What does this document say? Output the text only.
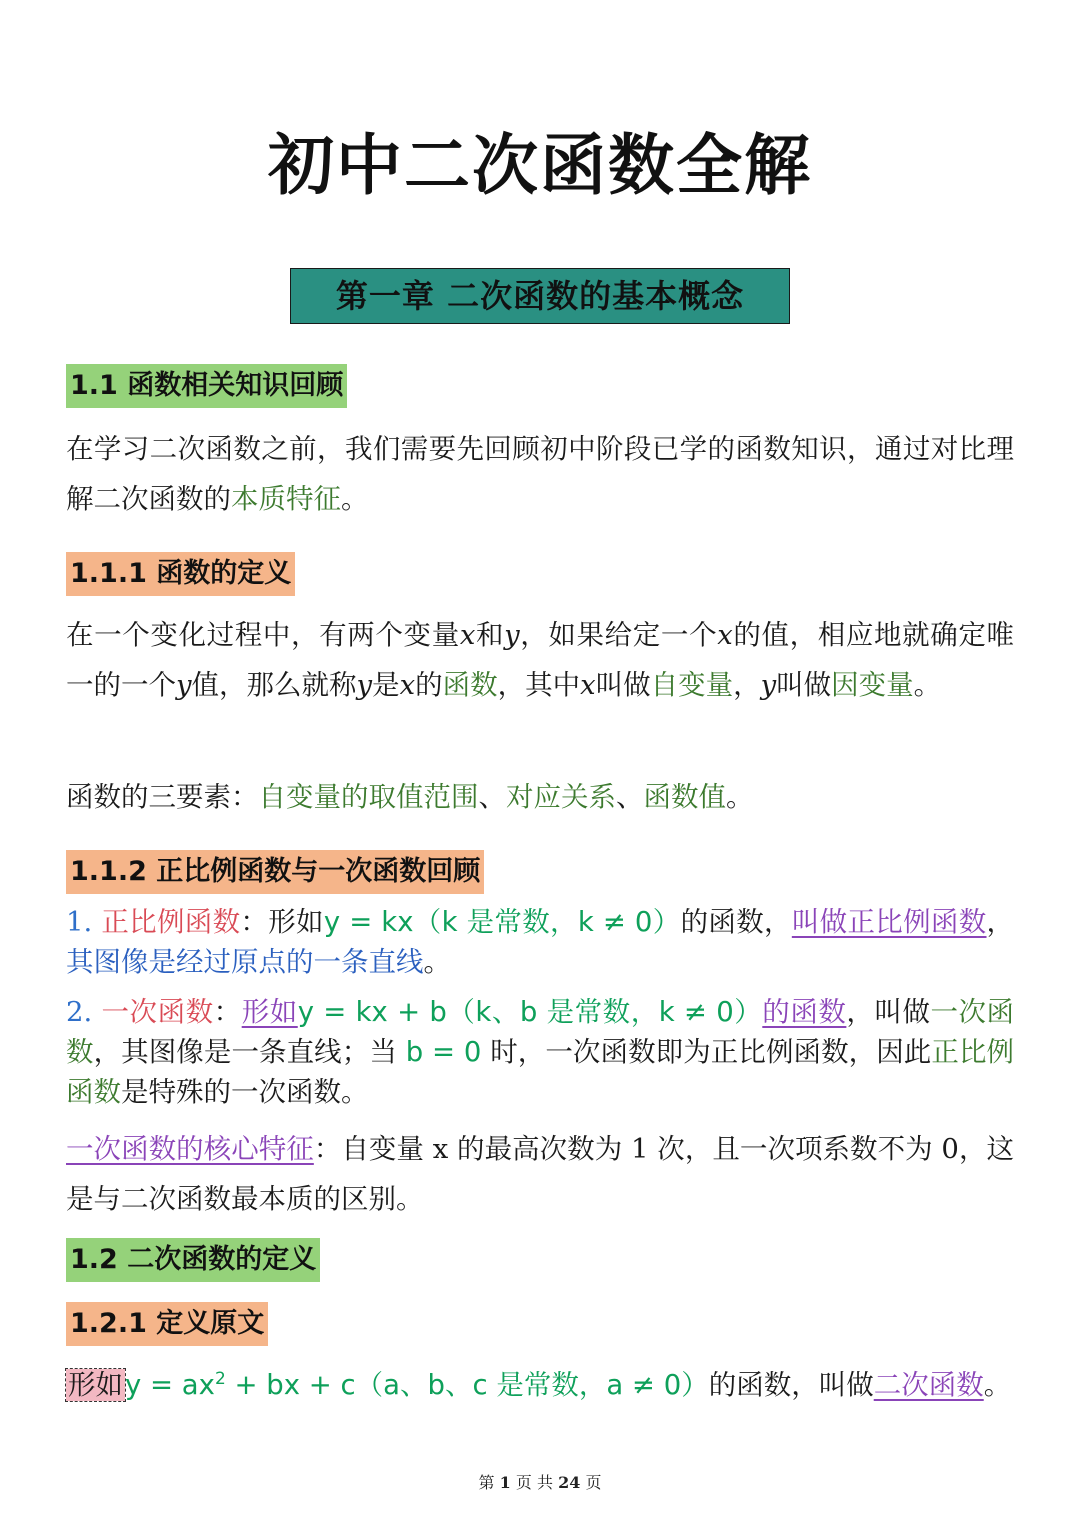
初中二次函数全解
第一章 二次函数的基本概念
1.1 函数相关知识回顾
在学习二次函数之前，我们需要先回顾初中阶段已学的函数知识，通过对比理解二次函数的本质特征。
1.1.1 函数的定义
在一个变化过程中，有两个变量x和y，如果给定一个x的值，相应地就确定唯一的一个y值，那么就称y是x的函数，其中x叫做自变量，y叫做因变量。
函数的三要素：自变量的取值范围、对应关系、函数值。
1.1.2 正比例函数与一次函数回顾
1. 正比例函数：形如y = kx（k 是常数，k ≠ 0）的函数，叫做正比例函数，其图像是经过原点的一条直线。
2. 一次函数：形如y = kx + b（k、b 是常数，k ≠ 0）的函数，叫做一次函数，其图像是一条直线；当 b = 0 时，一次函数即为正比例函数，因此正比例函数是特殊的一次函数。
一次函数的核心特征：自变量 x 的最高次数为 1 次，且一次项系数不为 0，这是与二次函数最本质的区别。
1.2 二次函数的定义
1.2.1 定义原文
形如$y = ax^2$ + bx + c（a、b、c 是常数，a ≠ 0）的函数，叫做二次函数。
第 1 页 共 24 页
